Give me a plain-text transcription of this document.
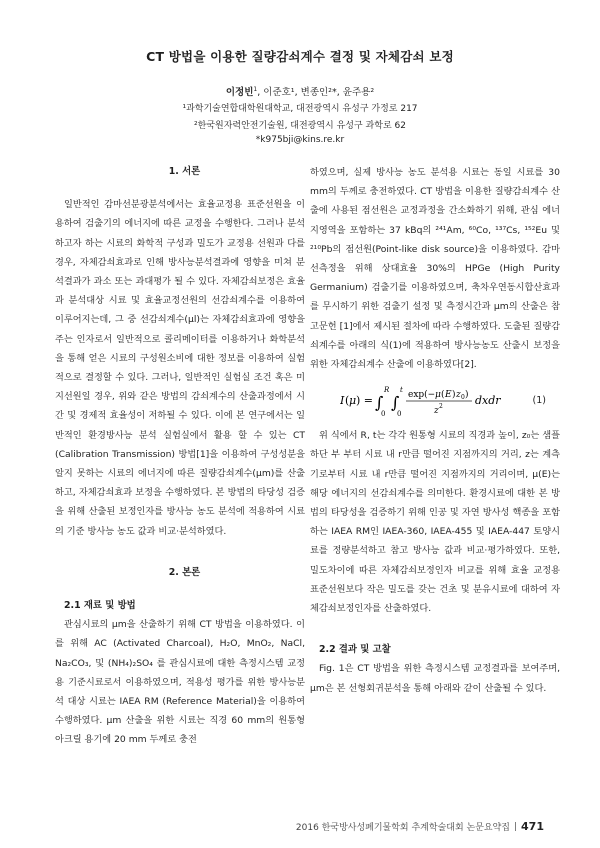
CT 방법을 이용한 질량감쇠계수 결정 및 자체감쇠 보정
이정빈$^1$, 이준호¹, 변종인²*, 윤주용²
¹과학기술연합대학원대학교, 대전광역시 유성구 가정로 217
²한국원자력안전기술원, 대전광역시 유성구 과학로 62
*k975bji@kins.re.kr

1. 서론

일반적인 감마선분광분석에서는 효율교정용 표준선원을 이용하여 검출기의 에너지에 따른 교정을 수행한다. 그러나 분석하고자 하는 시료의 화학적 구성과 밀도가 교정용 선원과 다를 경우, 자체감쇠효과로 인해 방사능분석결과에 영향을 미쳐 분석결과가 과소 또는 과대평가 될 수 있다. 자체감쇠보정은 효율과 분석대상 시료 및 효율교정선원의 선감쇠계수를 이용하여 이루어지는데, 그 중 선감쇠계수(μl)는 자체감쇠효과에 영향을 주는 인자로서 일반적으로 콜리메이터를 이용하거나 화학분석을 통해 얻은 시료의 구성원소비에 대한 정보를 이용하여 실험적으로 결정할 수 있다. 그러나, 일반적인 실험실 조건 혹은 미지선원일 경우, 위와 같은 방법의 감쇠계수의 산출과정에서 시간 및 경제적 효율성이 저하될 수 있다. 이에 본 연구에서는 일반적인 환경방사능 분석 실험실에서 활용 할 수 있는 CT (Calibration Transmission) 방법[1]을 이용하여 구성성분을 알지 못하는 시료의 에너지에 따른 질량감쇠계수(μm)를 산출하고, 자체감쇠효과 보정을 수행하였다. 본 방법의 타당성 검증을 위해 산출된 보정인자를 방사능 농도 분석에 적용하여 시료의 기준 방사능 농도 값과 비교·분석하였다.

2. 본론

2.1 재료 및 방법

관심시료의 μm을 산출하기 위해 CT 방법을 이용하였다. 이를 위해 AC (Activated Charcoal), H₂O, MnO₂, NaCl, Na₂CO₃, 및 (NH₄)₂SO₄ 를 관심시료에 대한 측정시스템 교정용 기준시료로서 이용하였으며, 적용성 평가를 위한 방사능분석 대상 시료는 IAEA RM (Reference Material)을 이용하여 수행하였다. μm 산출을 위한 시료는 직경 60 mm의 원통형 아크릴 용기에 20 mm 두께로 충전

하였으며, 실제 방사능 농도 분석용 시료는 동일 시료를 30 mm의 두께로 충전하였다. CT 방법을 이용한 질량감쇠계수 산출에 사용된 점선원은 교정과정을 간소화하기 위해, 관심 에너지영역을 포함하는 37 kBq의 ²⁴¹Am, ⁶⁰Co, ¹³⁷Cs, ¹⁵²Eu 및 ²¹⁰Pb의 점선원(Point-like disk source)을 이용하였다. 감마선측정을 위해 상대효율 30%의 HPGe (High Purity Germanium) 검출기를 이용하였으며, 축차우연동시합산효과를 무시하기 위한 검출기 설정 및 측정시간과 μm의 산출은 참고문헌 [1]에서 제시된 절차에 따라 수행하였다. 도출된 질량감쇠계수를 아래의 식(1)에 적용하여 방사능농도 산출시 보정을 위한 자체감쇠계수 산출에 이용하였다[2].

I ( μ ) = ∫
R
0
∫
t
0
exp(− μ ( E ) z 0 )
z 2	dxdr	(1)

위 식에서 R, t는 각각 원통형 시료의 직경과 높이, z₀는 샘플 하단 부 부터 시료 내 r만큼 떨어진 지점까지의 거리, z는 계측기로부터 시료 내 r만큼 떨어진 지점까지의 거리이며, μ(E)는 해당 에너지의 선감쇠계수를 의미한다. 환경시료에 대한 본 방법의 타당성을 검증하기 위해 인공 및 자연 방사성 핵종을 포함하는 IAEA RM인 IAEA-360, IAEA-455 및 IAEA-447 토양시료를 정량분석하고 참고 방사능 값과 비교·평가하였다. 또한, 밀도차이에 따른 자체감쇠보정인자 비교를 위해 효율 교정용 표준선원보다 작은 밀도를 갖는 건초 및 분유시료에 대하여 자체감쇠보정인자를 산출하였다.

2.2 결과 및 고찰

Fig. 1은 CT 방법을 위한 측정시스템 교정결과를 보여주며, μm은 본 선형회귀분석을 통해 아래와 같이 산출될 수 있다.

2016 한국방사성폐기물학회 추계학술대회 논문요약집 | 471
